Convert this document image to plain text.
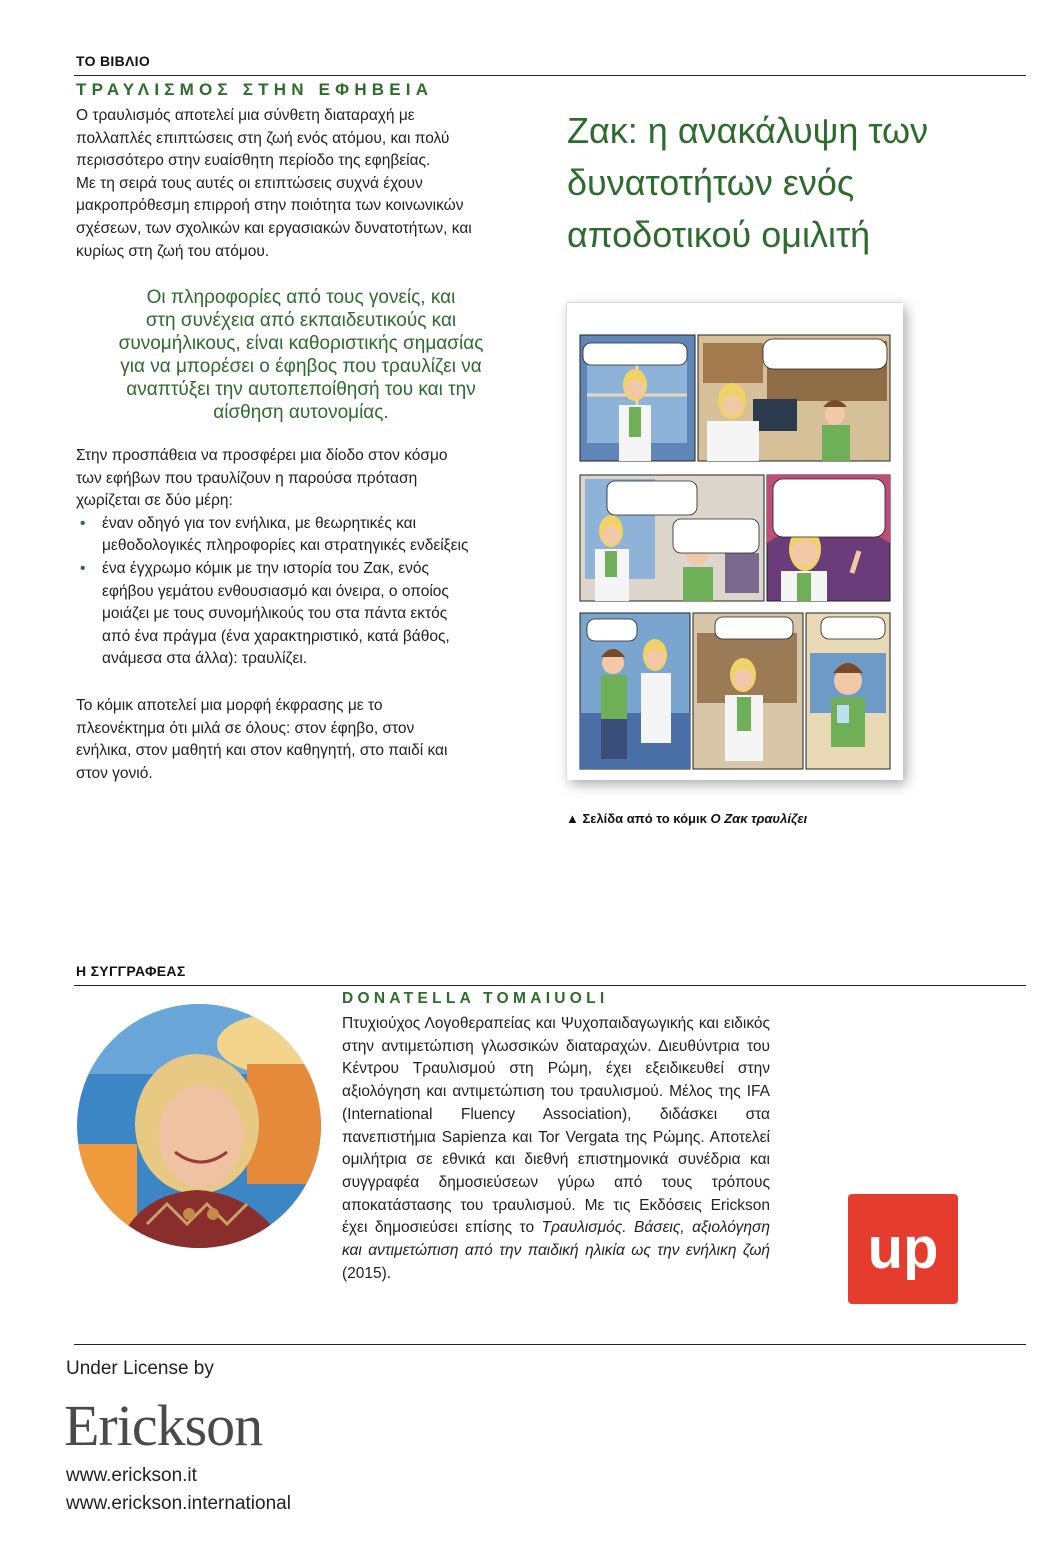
ΤΟ ΒΙΒΛΙΟ
ΤΡΑΥΛΙΣΜΟΣ ΣΤΗΝ ΕΦΗΒΕΙΑ

Ο τραυλισμός αποτελεί μια σύνθετη διαταραχή με

πολλαπλές επιπτώσεις στη ζωή ενός ατόμου, και πολύ

περισσότερο στην ευαίσθητη περίοδο της εφηβείας.

Με τη σειρά τους αυτές οι επιπτώσεις συχνά έχουν

μακροπρόθεσμη επιρροή στην ποιότητα των κοινωνικών

σχέσεων, των σχολικών και εργασιακών δυνατοτήτων, και

κυρίως στη ζωή του ατόμου.

Οι πληροφορίες από τους γονείς, και
στη συνέχεια από εκπαιδευτικούς και
συνομήλικους, είναι καθοριστικής σημασίας
για να μπορέσει ο έφηβος που τραυλίζει να
αναπτύξει την αυτοπεποίθησή του και την
αίσθηση αυτονομίας.

Στην προσπάθεια να προσφέρει μια δίοδο στον κόσμο

των εφήβων που τραυλίζουν η παρούσα πρόταση

χωρίζεται σε δύο μέρη:

• έναν οδηγό για τον ενήλικα, με θεωρητικές και
μεθοδολογικές πληροφορίες και στρατηγικές ενδείξεις
• ένα έγχρωμο κόμικ με την ιστορία του Ζακ, ενός
εφήβου γεμάτου ενθουσιασμό και όνειρα, ο οποίος
μοιάζει με τους συνομήλικούς του στα πάντα εκτός
από ένα πράγμα (ένα χαρακτηριστικό, κατά βάθος,
ανάμεσα στα άλλα): τραυλίζει.

Το κόμικ αποτελεί μια μορφή έκφρασης με το

πλεονέκτημα ότι μιλά σε όλους: στον έφηβο, στον

ενήλικα, στον μαθητή και στον καθηγητή, στο παιδί και

στον γονιό.

Ζακ: η ανακάλυψη των
δυνατοτήτων ενός
αποδοτικού ομιλιτή
▲ Σελίδα από το κόμικ Ο Ζακ τραυλίζει
Η ΣΥΓΓΡΑΦΕΑΣ
DONATELLA TOMAIUOLI
Πτυχιούχος Λογοθεραπείας και Ψυχοπαιδαγωγικής και ειδικός στην αντιμετώπιση γλωσσικών διαταραχών. Διευθύντρια του Κέντρου Τραυλισμού στη Ρώμη, έχει εξειδικευθεί στην αξιολόγηση και αντιμετώπιση του τραυλισμού. Μέλος της IFA (International Fluency Association), διδάσκει στα πανεπιστήμια Sapienza και Tor Vergata της Ρώμης. Αποτελεί ομιλήτρια σε εθνικά και διεθνή επιστημονικά συνέδρια και συγγραφέα δημοσιεύσεων γύρω από τους τρόπους αποκατάστασης του τραυλισμού. Με τις Εκδόσεις Erickson έχει δημοσιεύσει επίσης το Τραυλισμός. Βάσεις, αξιολόγηση και αντιμετώπιση από την παιδική ηλικία ως την ενήλικη ζωή (2015).	up
Under License by
Erickson
www.erickson.it
www.erickson.international
